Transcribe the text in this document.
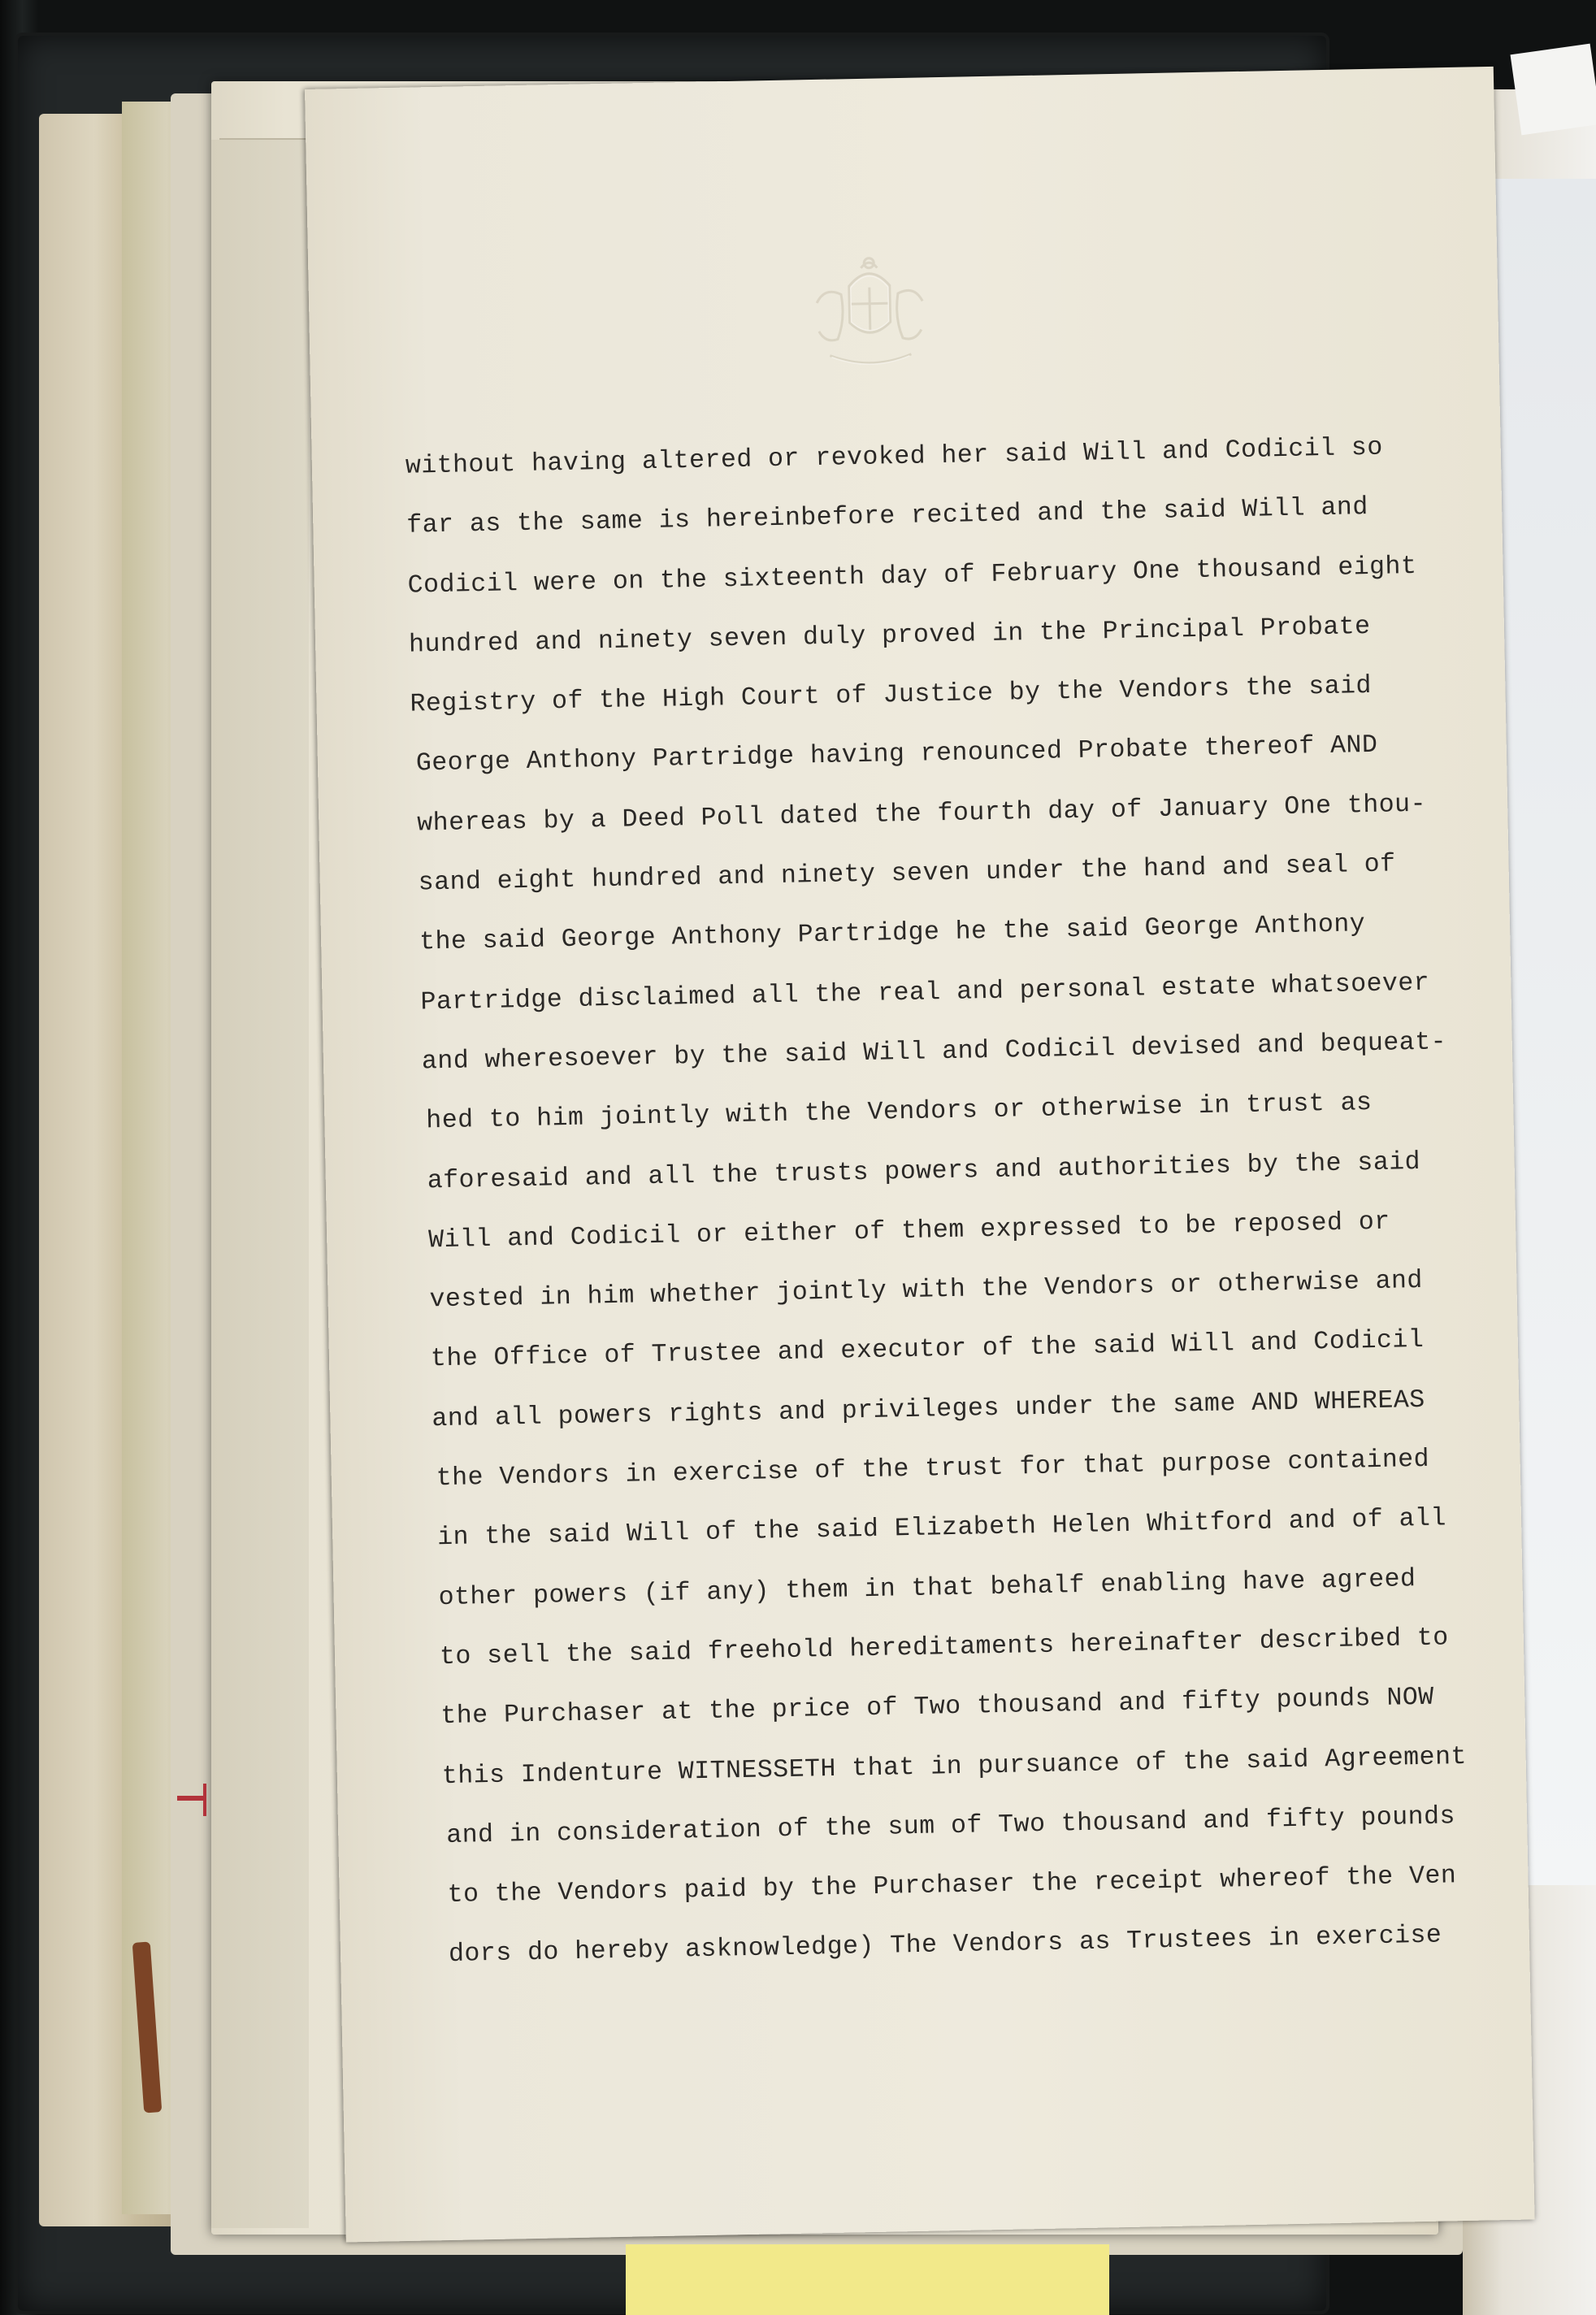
without having altered or revoked her said Will and Codicil so
far as the same is hereinbefore recited and the said Will and
Codicil were on the sixteenth day of February One thousand eight
hundred and ninety seven duly proved in the Principal Probate
Registry of the High Court of Justice by the Vendors the said
George Anthony Partridge having renounced Probate thereof AND
whereas by a Deed Poll dated the fourth day of January One thou-
sand eight hundred and ninety seven under the hand and seal of
the said George Anthony Partridge he the said George Anthony
Partridge disclaimed all the real and personal estate whatsoever
and wheresoever by the said Will and Codicil devised and bequeat-
hed to him jointly with the Vendors or otherwise in trust as
aforesaid and all the trusts powers and authorities by the said
Will and Codicil or either of them expressed to be reposed or
vested in him whether jointly with the Vendors or otherwise and
the Office of Trustee and executor of the said Will and Codicil
and all powers rights and privileges under the same AND WHEREAS
the Vendors in exercise of the trust for that purpose contained
in the said Will of the said Elizabeth Helen Whitford and of all
other powers (if any) them in that behalf enabling have agreed
to sell the said freehold hereditaments hereinafter described to
the Purchaser at the price of Two thousand and fifty pounds NOW
this Indenture WITNESSETH that in pursuance of the said Agreement
and in consideration of the sum of Two thousand and fifty pounds
to the Vendors paid by the Purchaser the receipt whereof the Ven
dors do hereby asknowledge) The Vendors as Trustees in exercise
